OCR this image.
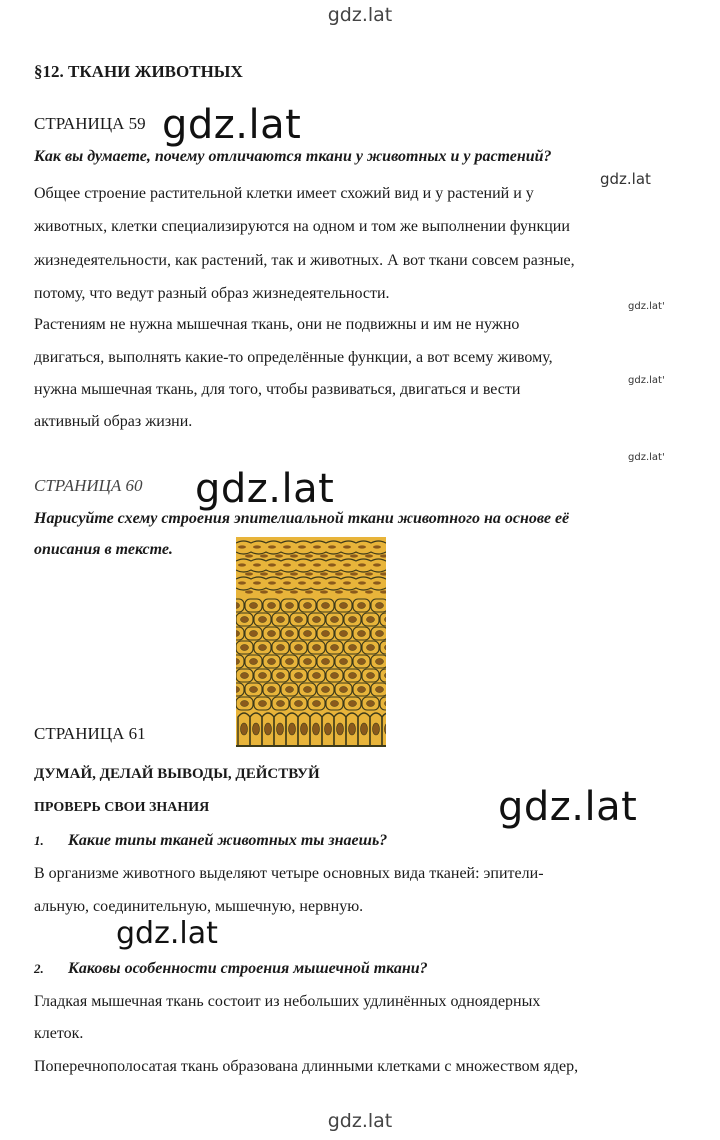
gdz.lat
gdz.lat
gdz.lat
gdz.lat'
gdz.lat'
gdz.lat'
gdz.lat
gdz.lat
gdz.lat
gdz.lat
§12. ТКАНИ ЖИВОТНЫХ
СТРАНИЦА 59
Как вы думаете, почему отличаются ткани у животных и у растений?
Общее строение растительной клетки имеет схожий вид и у растений и у
животных, клетки специализируются на одном и том же выполнении функции
жизнедеятельности, как растений, так и животных. А вот ткани совсем разные,
потому, что ведут разный образ жизнедеятельности.
Растениям не нужна мышечная ткань, они не подвижны и им не нужно
двигаться, выполнять какие-то определённые функции, а вот всему живому,
нужна мышечная ткань, для того, чтобы развиваться, двигаться и вести
активный образ жизни.
СТРАНИЦА 60
Нарисуйте схему строения эпителиальной ткани животного на основе её
описания в тексте.
СТРАНИЦА 61
ДУМАЙ, ДЕЛАЙ ВЫВОДЫ, ДЕЙСТВУЙ
ПРОВЕРЬ СВОИ ЗНАНИЯ
1. Какие типы тканей животных ты знаешь?
В организме животного выделяют четыре основных вида тканей: эпители-
альную, соединительную, мышечную, нервную.
2. Каковы особенности строения мышечной ткани?
Гладкая мышечная ткань состоит из небольших удлинённых одноядерных
клеток.
Поперечнополосатая ткань образована длинными клетками с множеством ядер,
